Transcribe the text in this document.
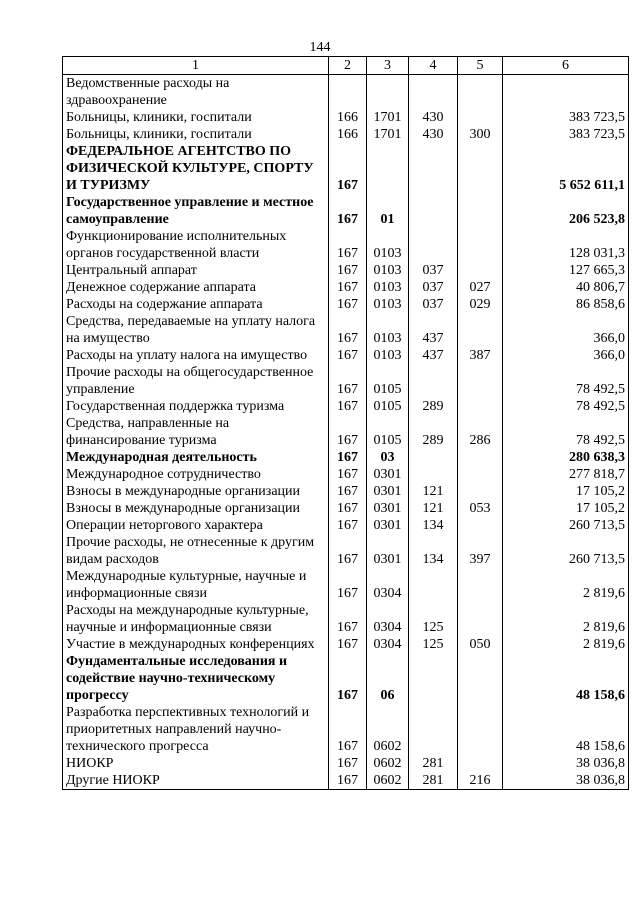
144
1	2	3	4	5	6
Ведомственные расходы на здравоохранение					
Больницы, клиники, госпитали	166	1701	430		383 723,5
Больницы, клиники, госпитали	166	1701	430	300	383 723,5
ФЕДЕРАЛЬНОЕ АГЕНТСТВО ПО ФИЗИЧЕСКОЙ КУЛЬТУРЕ, СПОРТУ И ТУРИЗМУ	167				5 652 611,1
Государственное управление и местное самоуправление	167	01			206 523,8
Функционирование исполнительных органов государственной власти	167	0103			128 031,3
Центральный аппарат	167	0103	037		127 665,3
Денежное содержание аппарата	167	0103	037	027	40 806,7
Расходы на содержание аппарата	167	0103	037	029	86 858,6
Средства, передаваемые на уплату налога на имущество	167	0103	437		366,0
Расходы на уплату налога на имущество	167	0103	437	387	366,0
Прочие расходы на общегосударственное управление	167	0105			78 492,5
Государственная поддержка туризма	167	0105	289		78 492,5
Средства, направленные на финансирование туризма	167	0105	289	286	78 492,5
Международная деятельность	167	03			280 638,3
Международное сотрудничество	167	0301			277 818,7
Взносы в международные организации	167	0301	121		17 105,2
Взносы в международные организации	167	0301	121	053	17 105,2
Операции неторгового характера	167	0301	134		260 713,5
Прочие расходы, не отнесенные к другим видам расходов	167	0301	134	397	260 713,5
Международные культурные, научные и информационные связи	167	0304			2 819,6
Расходы на международные культурные, научные и информационные связи	167	0304	125		2 819,6
Участие в международных конференциях	167	0304	125	050	2 819,6
Фундаментальные исследования и содействие научно-техническому прогрессу	167	06			48 158,6
Разработка перспективных технологий и приоритетных направлений научно-технического прогресса	167	0602			48 158,6
НИОКР	167	0602	281		38 036,8
Другие НИОКР	167	0602	281	216	38 036,8
